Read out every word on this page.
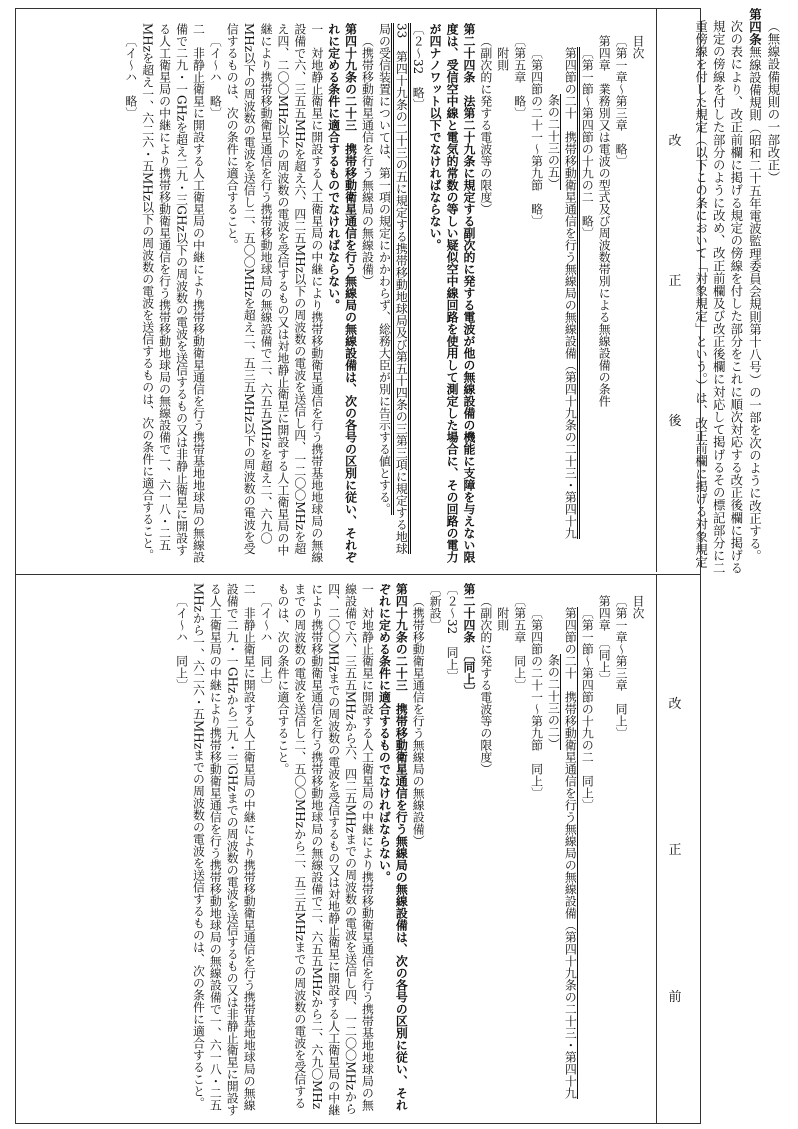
（無線設備規則の一部改正）
第四条無線設備規則（昭和二十五年電波監理委員会規則第十八号）の一部を次のように改正する。
次の表により、改正前欄に掲げる規定の傍線を付した部分をこれに順次対応する改正後欄に掲げる規定の傍線を付した部分のように改め、改正前欄及び改正後欄に対応して掲げるその標記部分に二重傍線を付した規定（以下この条において「対象規定」という。）は、改正前欄に掲げる対象規定
改
正
後
改
正
前
目次
〔第一章～第三章　略〕
第四章　業務別又は電波の型式及び周波数帯別による無線設備の条件
〔第一節～第四節の十九の二　略〕
第四節の二十　携帯移動衛星通信を行う無線局の無線設備（第四十九条の二十三・第四十九
条の二十三の五）
〔第四節の二十一～第九節　略〕
〔第五章　略〕
附則
（副次的に発する電波等の限度）
第二十四条　法第二十九条に規定する副次的に発する電波が他の無線設備の機能に支障を与えない限度は、受信空中線と電気的常数の等しい疑似空中線回路を使用して測定した場合に、その回路の電力が四ナノワット以下でなければならない。
〔２～32　略〕
33　第四十九条の二十三の五に規定する携帯移動地球局及び第五十四条の三第三項に規定する地球局の受信装置については、第一項の規定にかかわらず、総務大臣が別に告示する値とする。
（携帯移動衛星通信を行う無線局の無線設備）
第四十九条の二十三　携帯移動衛星通信を行う無線局の無線設備は、次の各号の区別に従い、それぞれに定める条件に適合するものでなければならない。
一　対地静止衛星に開設する人工衛星局の中継により携帯移動衛星通信を行う携帯基地地球局の無線設備で六、三五五MHzを超え六、四二五MHz以下の周波数の電波を送信し四、一二〇〇MHzを超え四、二〇〇MHz以下の周波数の電波を受信するもの又は対地静止衛星に開設する人工衛星局の中継により携帯移動衛星通信を行う携帯移動地球局の無線設備で二、六五五MHzを超え二、六九〇MHz以下の周波数の電波を送信し二、五〇〇MHzを超え二、五三五MHz以下の周波数の電波を受信するものは、次の条件に適合すること。
〔イ～ハ　略〕
二　非静止衛星に開設する人工衛星局の中継により携帯移動衛星通信を行う携帯基地地球局の無線設備で二九・一GHzを超え二九・三GHz以下の周波数の電波を送信するもの又は非静止衛星に開設する人工衛星局の中継により携帯移動衛星通信を行う携帯移動地球局の無線設備で一、六一八・二五MHzを超え一、六二六・五MHz以下の周波数の電波を送信するものは、次の条件に適合すること。
〔イ～ハ　略〕
目次
〔第一章～第三章　同上〕
第四章　〔同上〕
〔第一節～第四節の十九の二　同上〕
第四節の二十　携帯移動衛星通信を行う無線局の無線設備（第四十九条の二十三・第四十九
条の二十三の二）
〔第四節の二十一～第九節　同上〕
〔第五章　同上〕
附則
（副次的に発する電波等の限度）
第二十四条　〔同上〕
〔２～32　同上〕
〔新設〕
（携帯移動衛星通信を行う無線局の無線設備）
第四十九条の二十三　携帯移動衛星通信を行う無線局の無線設備は、次の各号の区別に従い、それぞれに定める条件に適合するものでなければならない。
一　対地静止衛星に開設する人工衛星局の中継により携帯移動衛星通信を行う携帯基地地球局の無線設備で六、三五五MHzから六、四二五MHzまでの周波数の電波を送信し四、一二〇〇MHzから四、二〇〇MHzまでの周波数の電波を受信するもの又は対地静止衛星に開設する人工衛星局の中継により携帯移動衛星通信を行う携帯移動地球局の無線設備で二、六五五MHzから二、六九〇MHzまでの周波数の電波を送信し二、五〇〇MHzから二、五三五MHzまでの周波数の電波を受信するものは、次の条件に適合すること。
〔イ～ハ　同上〕
二　非静止衛星に開設する人工衛星局の中継により携帯移動衛星通信を行う携帯基地地球局の無線設備で二九・一GHzから二九・三GHzまでの周波数の電波を送信するもの又は非静止衛星に開設する人工衛星局の中継により携帯移動衛星通信を行う携帯移動地球局の無線設備で一、六一八・二五MHzから一、六二六・五MHzまでの周波数の電波を送信するものは、次の条件に適合すること。
〔イ～ハ　同上〕
